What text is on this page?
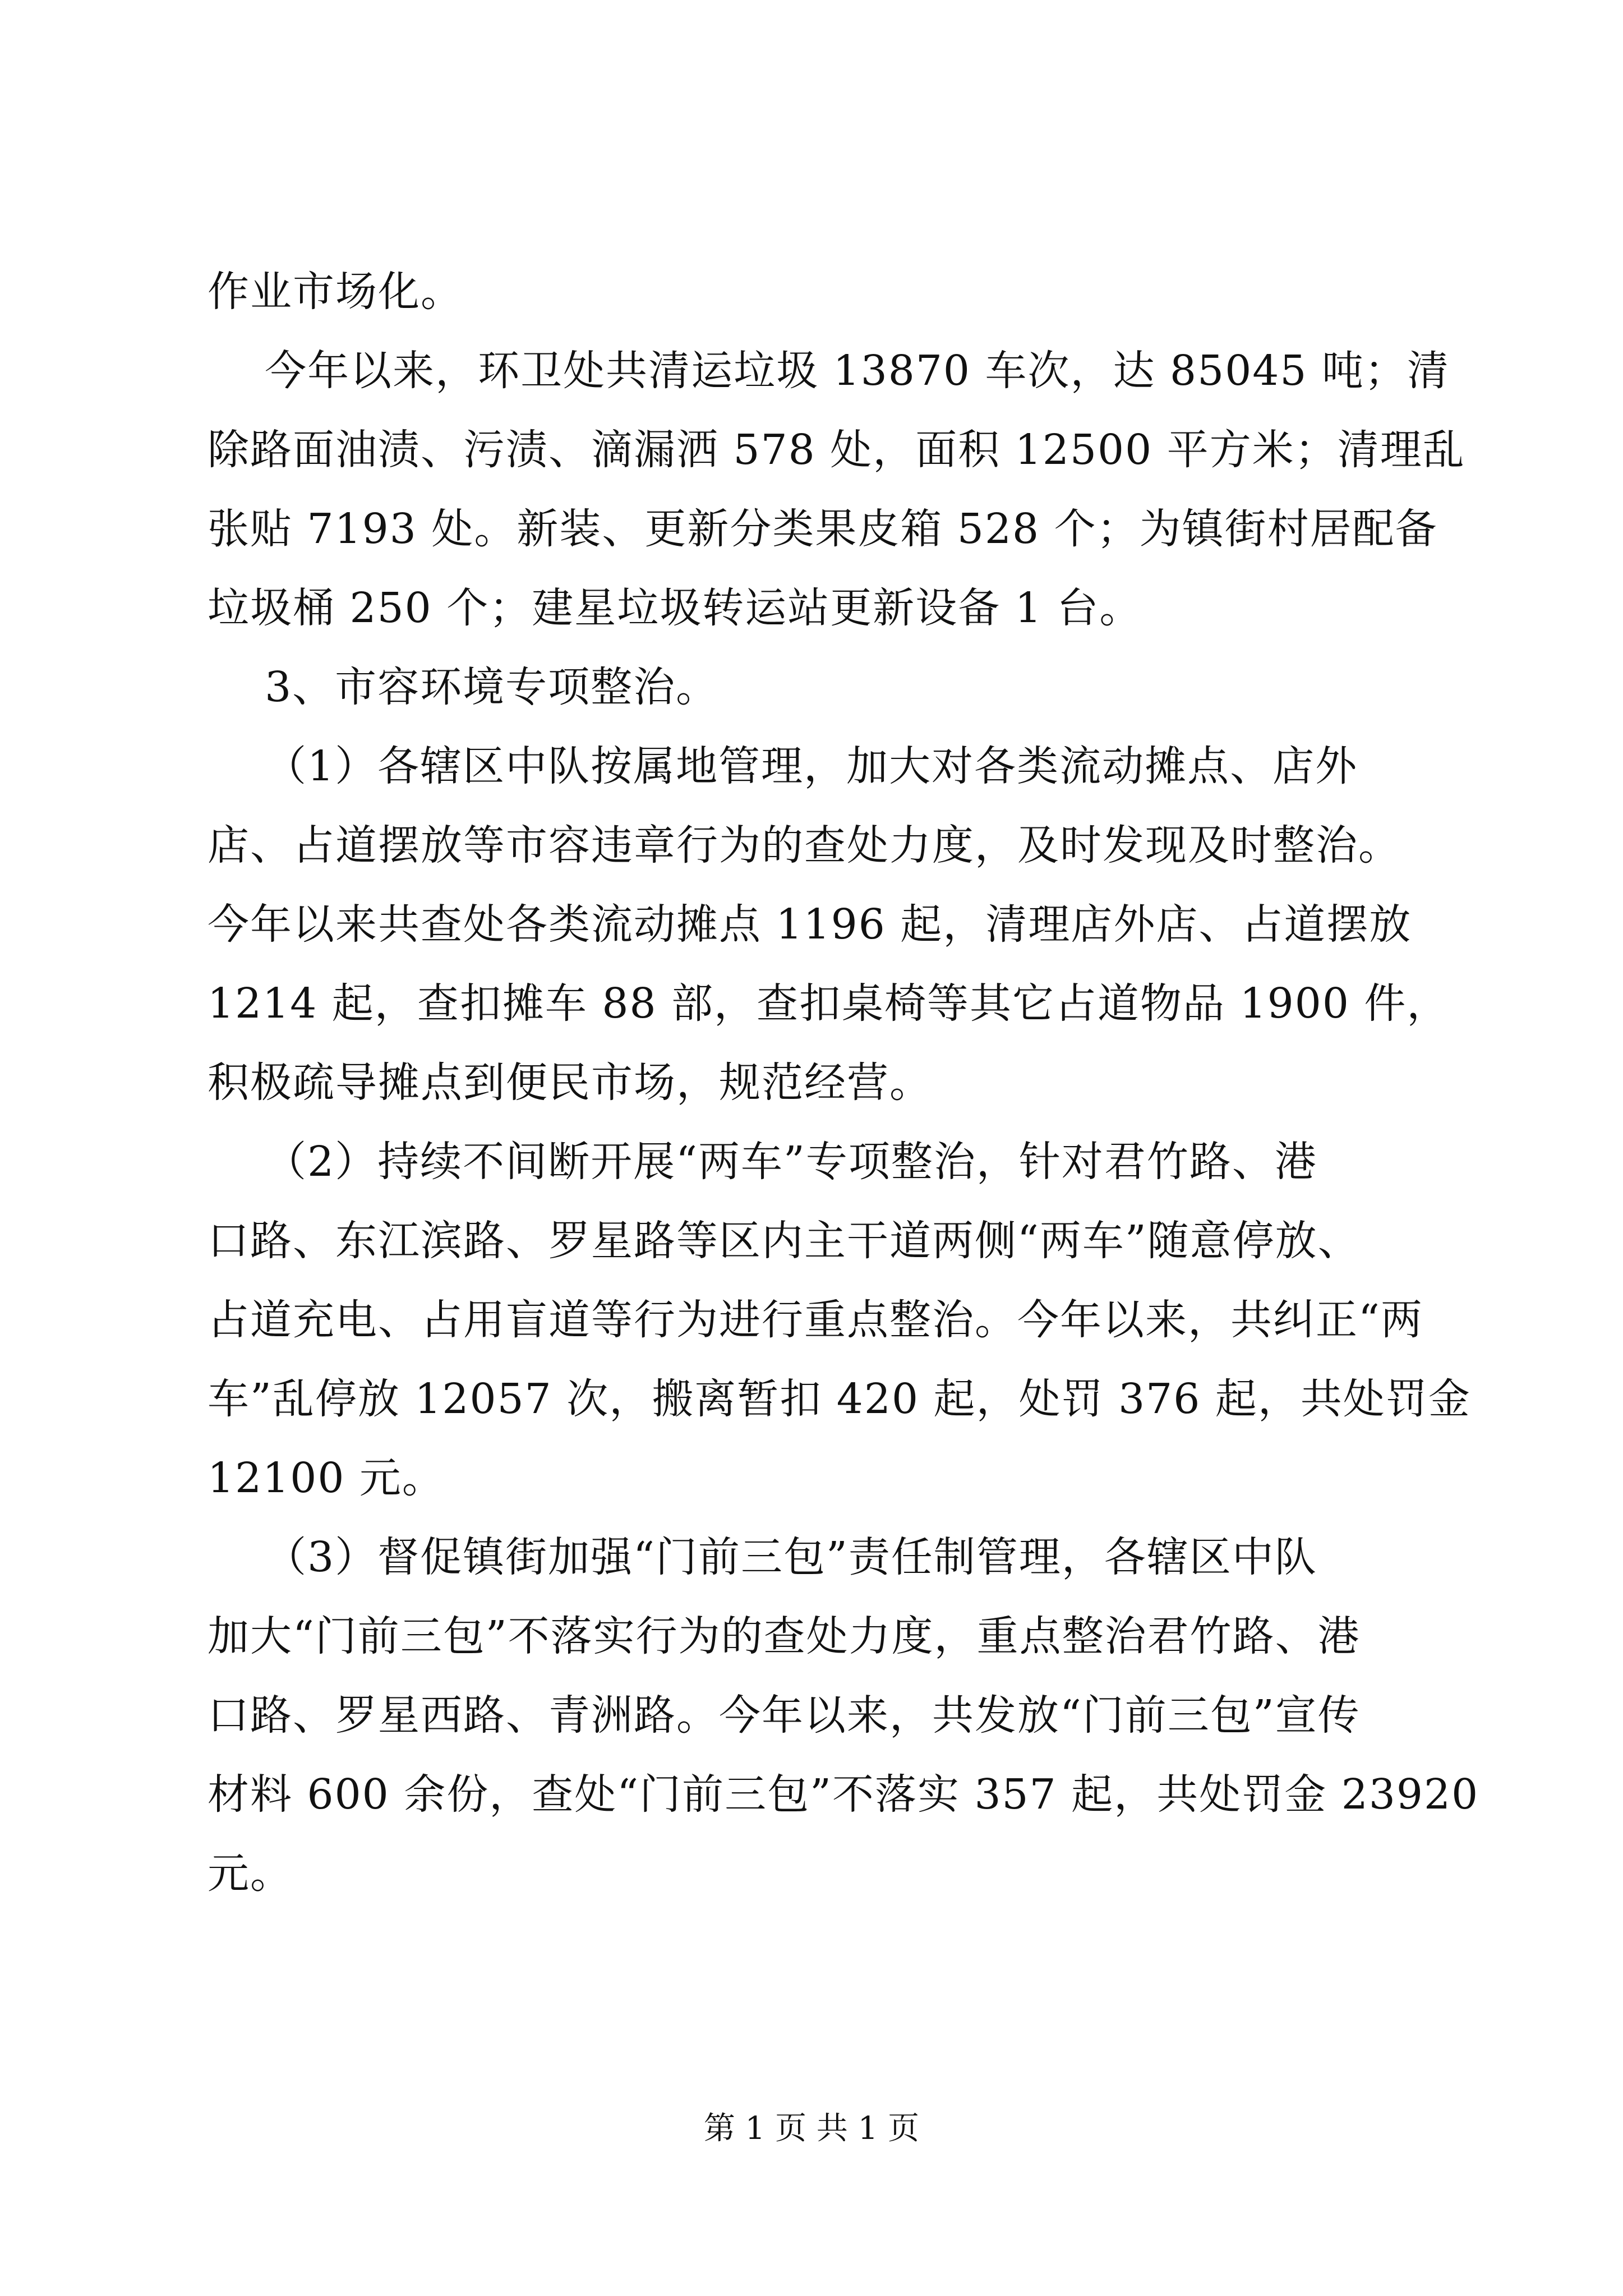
作业市场化。
今年以来，环卫处共清运垃圾 13870 车次，达 85045 吨；清
除路面油渍、污渍、滴漏洒 578 处，面积 12500 平方米；清理乱
张贴 7193 处。新装、更新分类果皮箱 528 个；为镇街村居配备
垃圾桶 250 个；建星垃圾转运站更新设备 1 台。
3、市容环境专项整治。
（1）各辖区中队按属地管理，加大对各类流动摊点、店外
店、占道摆放等市容违章行为的查处力度，及时发现及时整治。
今年以来共查处各类流动摊点 1196 起，清理店外店、占道摆放
1214 起，查扣摊车 88 部，查扣桌椅等其它占道物品 1900 件，
积极疏导摊点到便民市场，规范经营。
（2）持续不间断开展“两车”专项整治，针对君竹路、港
口路、东江滨路、罗星路等区内主干道两侧“两车”随意停放、
占道充电、占用盲道等行为进行重点整治。今年以来，共纠正“两
车”乱停放 12057 次，搬离暂扣 420 起，处罚 376 起，共处罚金
12100 元。
（3）督促镇街加强“门前三包”责任制管理，各辖区中队
加大“门前三包”不落实行为的查处力度，重点整治君竹路、港
口路、罗星西路、青洲路。今年以来，共发放“门前三包”宣传
材料 600 余份，查处“门前三包”不落实 357 起，共处罚金 23920
元。
第 1 页 共 1 页
